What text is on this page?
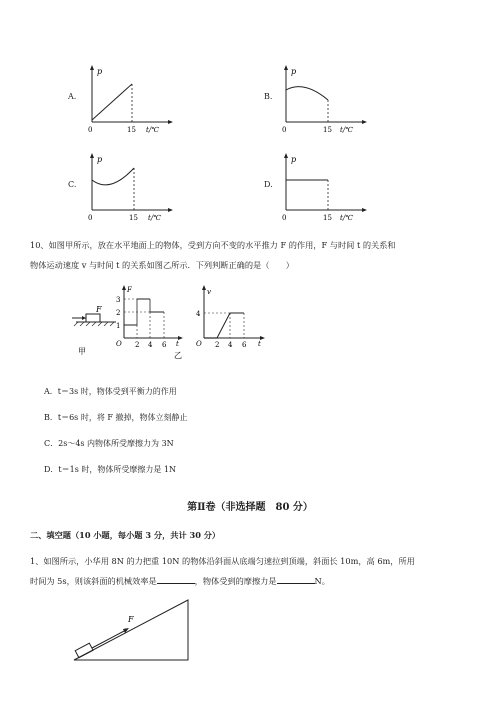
A.
p
0	15 t/℃
B.
p
0	15 t/℃
C.
p
0	15 t/℃
D.
p
0	15 t/℃
10、如图甲所示，放在水平地面上的物体，受到方向不变的水平推力 F 的作用，F 与时间 t 的关系和
物体运动速度 v 与时间 t 的关系如图乙所示．下列判断正确的是（　　）
F
F
3
2
1
O 2 4 6 t
v
4
O 2 4 6 t
甲	乙
A．t＝3s 时，物体受到平衡力的作用
B．t＝6s 时，将 F 撤掉，物体立刻静止
C．2s～4s 内物体所受摩擦力为 3N
D．t＝1s 时，物体所受摩擦力是 1N
第Ⅱ卷（非选择题　80 分）
二、填空题（10 小题，每小题 3 分，共计 30 分）
1、如图所示，小华用 8N 的力把重 10N 的物体沿斜面从底端匀速拉到顶端，斜面长 10m，高 6m，所用
时间为 5s，则该斜面的机械效率是	，物体受到的摩擦力是	N。
F
